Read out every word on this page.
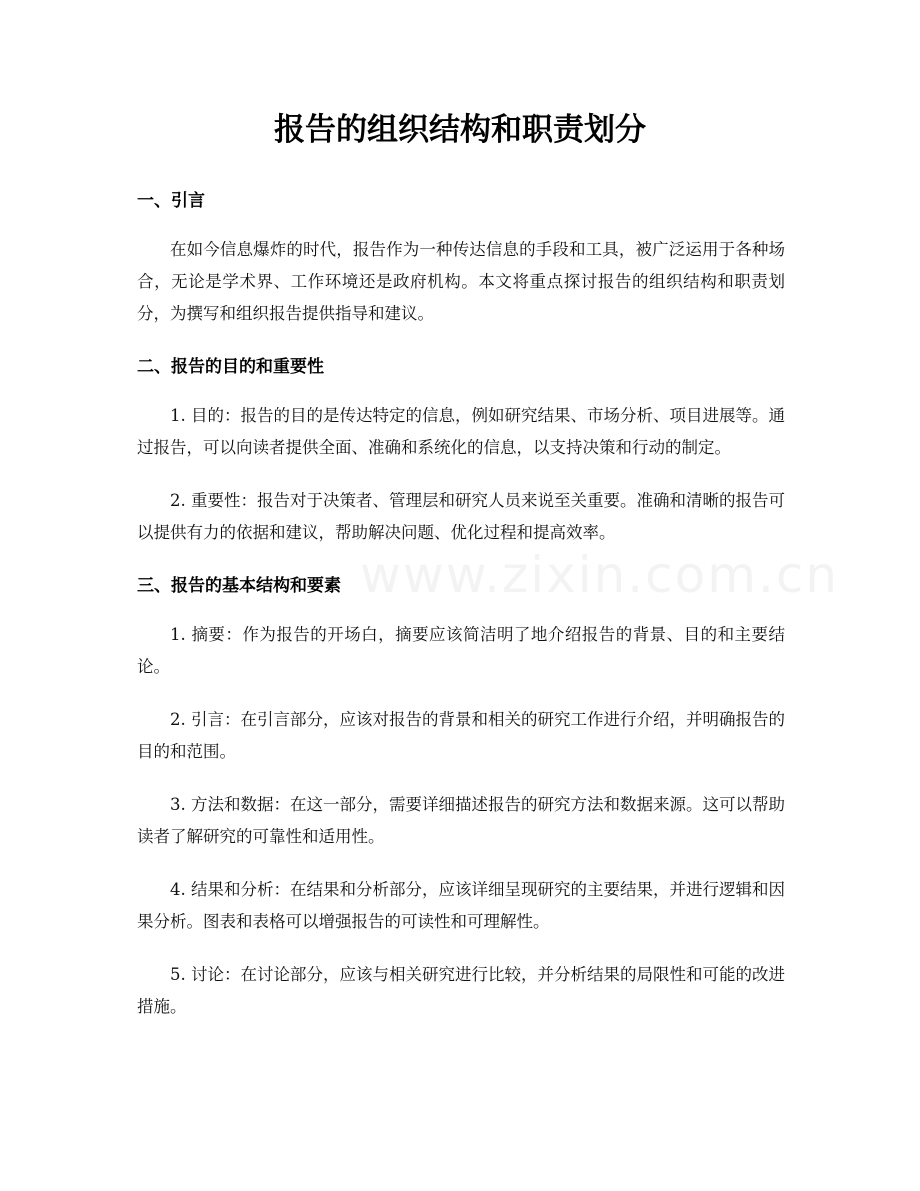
报告的组织结构和职责划分
www.zixin.com.cn
一、引言

在如今信息爆炸的时代，报告作为一种传达信息的手段和工具，被广泛运用于各种场合，无论是学术界、工作环境还是政府机构。本文将重点探讨报告的组织结构和职责划分，为撰写和组织报告提供指导和建议。

二、报告的目的和重要性

1. 目的：报告的目的是传达特定的信息，例如研究结果、市场分析、项目进展等。通过报告，可以向读者提供全面、准确和系统化的信息，以支持决策和行动的制定。

2. 重要性：报告对于决策者、管理层和研究人员来说至关重要。准确和清晰的报告可以提供有力的依据和建议，帮助解决问题、优化过程和提高效率。

三、报告的基本结构和要素

1. 摘要：作为报告的开场白，摘要应该简洁明了地介绍报告的背景、目的和主要结论。

2. 引言：在引言部分，应该对报告的背景和相关的研究工作进行介绍，并明确报告的目的和范围。

3. 方法和数据：在这一部分，需要详细描述报告的研究方法和数据来源。这可以帮助读者了解研究的可靠性和适用性。

4. 结果和分析：在结果和分析部分，应该详细呈现研究的主要结果，并进行逻辑和因果分析。图表和表格可以增强报告的可读性和可理解性。

5. 讨论：在讨论部分，应该与相关研究进行比较，并分析结果的局限性和可能的改进措施。
